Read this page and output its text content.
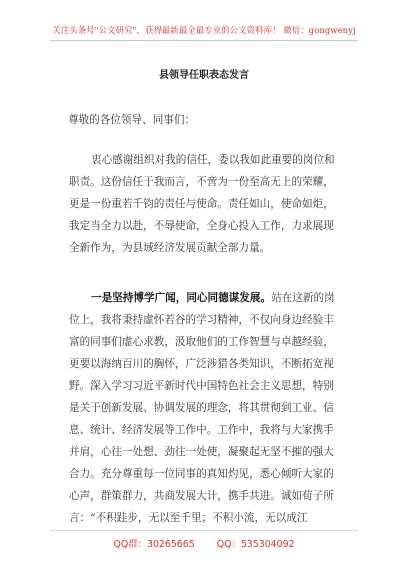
关注头条号"公文研究"，获得最新最全最专业的公文资料库！ 微信：gongwenyj
县领导任职表态发言
尊敬的各位领导、同事们：

衷心感谢组织对我的信任，委以我如此重要的岗位和
职责。这份信任于我而言，不啻为一份至高无上的荣耀，
更是一份重若千钧的责任与使命。责任如山，使命如炬，
我定当全力以赴，不辱使命，全身心投入工作，力求展现
全新作为，为县域经济发展贡献全部力量。

一是坚持博学广闻，同心同德谋发展。站在这新的岗
位上，我将秉持虚怀若谷的学习精神，不仅向身边经验丰
富的同事们虚心求教，汲取他们的工作智慧与卓越经验，
更要以海纳百川的胸怀，广泛涉猎各类知识，不断拓宽视
野。深入学习习近平新时代中国特色社会主义思想，特别
是关于创新发展、协调发展的理念，将其贯彻到工业、信
息、统计、经济发展等工作中。工作中，我将与大家携手
并肩，心往一处想、劲往一处使，凝聚起无坚不摧的强大
合力。充分尊重每一位同事的真知灼见，悉心倾听大家的
心声，群策群力，共商发展大计，携手共进。诚如荀子所
言：“不积跬步，无以至千里；不积小流，无以成江

QQ群：30265665 QQ：535304092
